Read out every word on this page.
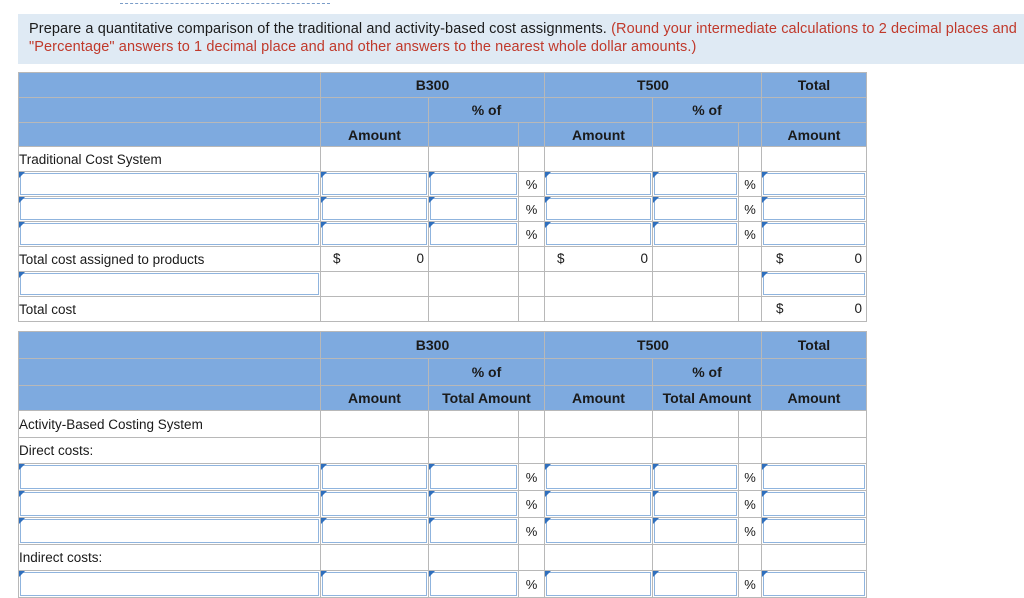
Prepare a quantitative comparison of the traditional and activity-based cost assignments. (Round your intermediate calculations to 2 decimal places and "Percentage" answers to 1 decimal place and and other answers to the nearest whole dollar amounts.)
	B300			T500			Total
		% of			% of		
	Amount			Amount			Amount
Traditional Cost System							

	%			%	

	%			%	

	%			%	

Total cost assigned to products	$ 0			$ 0			$ 0

Total cost							$ 0
	B300			T500			Total
		% of			% of		
	Amount	Total Amount		Amount	Total Amount		Amount
Activity-Based Costing System							
Direct costs:							

	%			%	

	%			%	

	%			%	

Indirect costs:							

	%			%	
